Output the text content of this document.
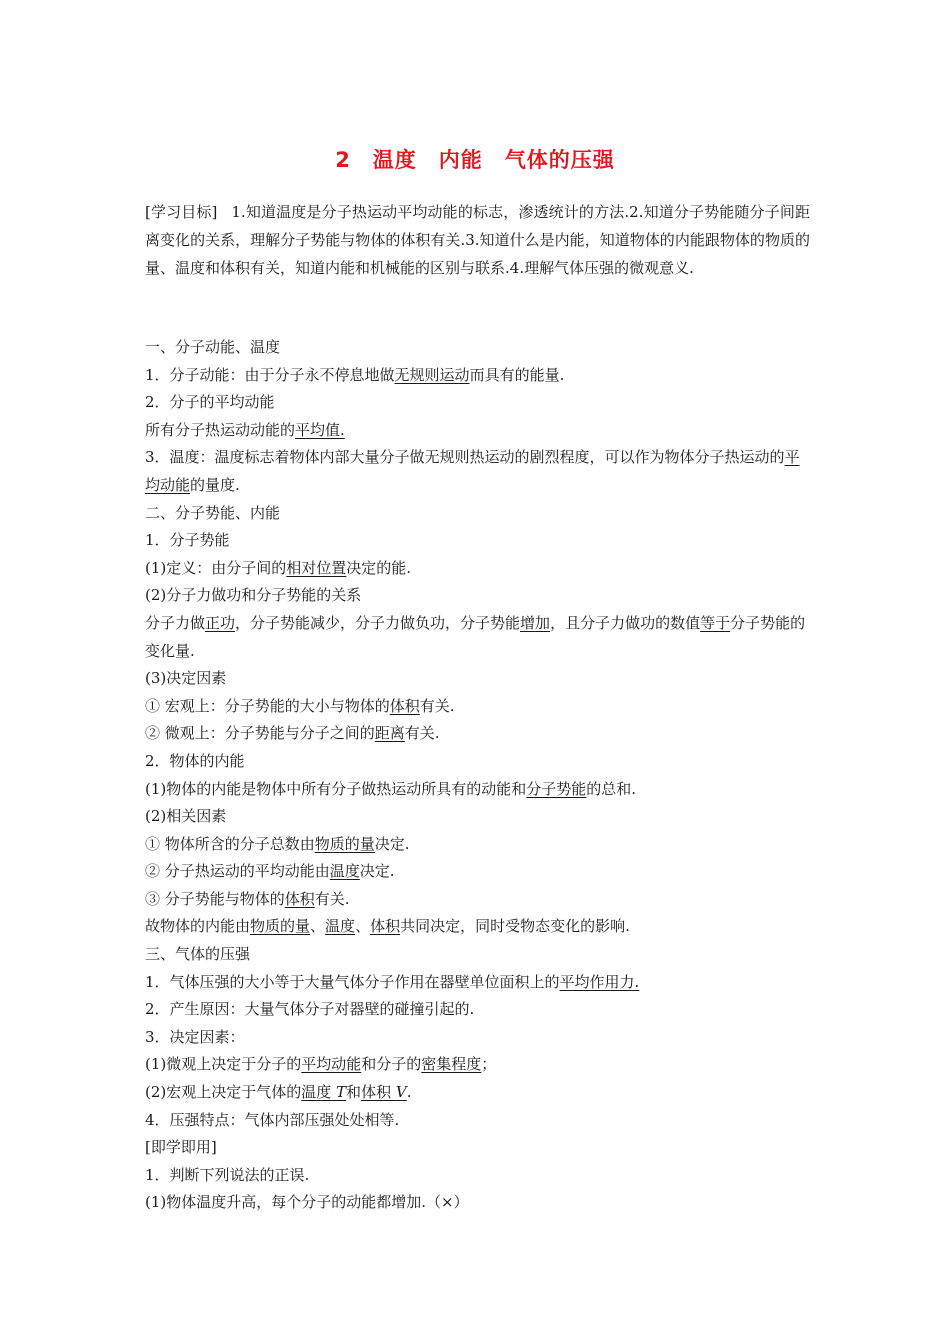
2　温度　内能　气体的压强
[学习目标] 1.知道温度是分子热运动平均动能的标志，渗透统计的方法.2.知道分子势能随分子间距离变化的关系，理解分子势能与物体的体积有关.3.知道什么是内能，知道物体的内能跟物体的物质的量、温度和体积有关，知道内能和机械能的区别与联系.4.理解气体压强的微观意义.

一、分子动能、温度

1．分子动能：由于分子永不停息地做无规则运动而具有的能量.

2．分子的平均动能

所有分子热运动动能的平均值.

3．温度：温度标志着物体内部大量分子做无规则热运动的剧烈程度，可以作为物体分子热运动的平均动能的量度.

二、分子势能、内能

1．分子势能

(1)定义：由分子间的相对位置决定的能.

(2)分子力做功和分子势能的关系

分子力做正功，分子势能减少，分子力做负功，分子势能增加，且分子力做功的数值等于分子势能的变化量.

(3)决定因素

① 宏观上：分子势能的大小与物体的体积有关.

② 微观上：分子势能与分子之间的距离有关.

2．物体的内能

(1)物体的内能是物体中所有分子做热运动所具有的动能和分子势能的总和.

(2)相关因素

① 物体所含的分子总数由物质的量决定.

② 分子热运动的平均动能由温度决定.

③ 分子势能与物体的体积有关.

故物体的内能由物质的量、温度、体积共同决定，同时受物态变化的影响.

三、气体的压强

1．气体压强的大小等于大量气体分子作用在器壁单位面积上的平均作用力.

2．产生原因：大量气体分子对器壁的碰撞引起的.

3．决定因素：

(1)微观上决定于分子的平均动能和分子的密集程度；

(2)宏观上决定于气体的温度 T和体积 V.

4．压强特点：气体内部压强处处相等.

[即学即用]

1．判断下列说法的正误.

(1)物体温度升高，每个分子的动能都增加.（×）
